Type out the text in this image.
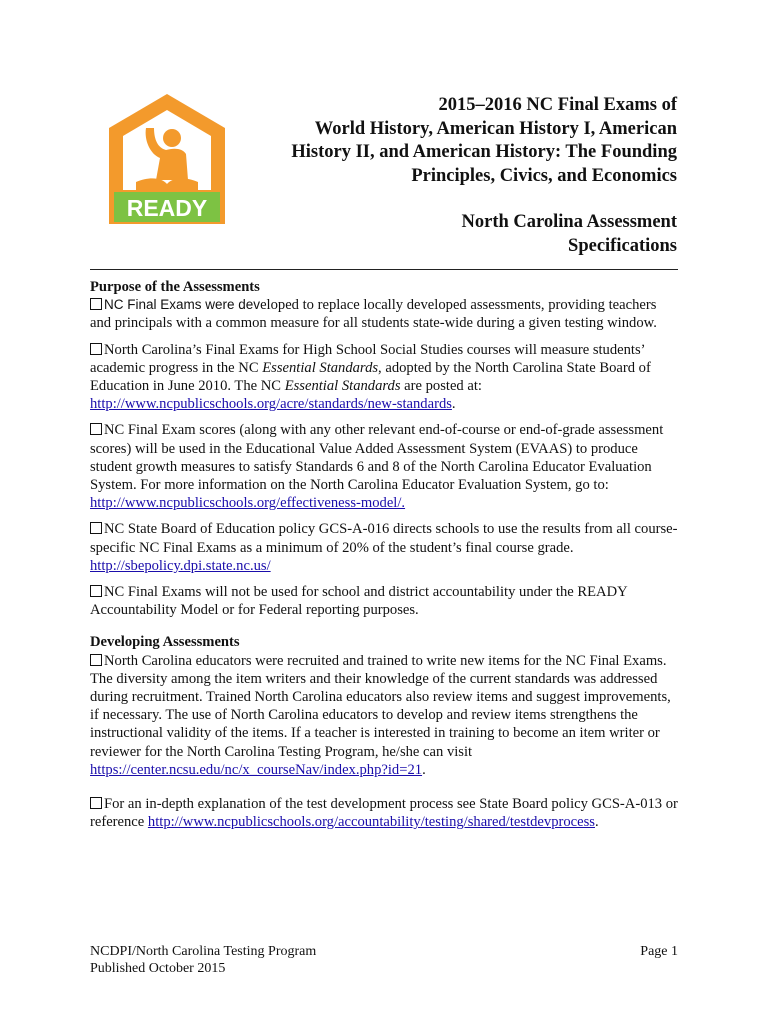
READY
2015–2016 NC Final Exams of
World History, American History I, American
History II, and American History: The Founding
Principles, Civics, and Economics
North Carolina Assessment
Specifications
Purpose of the Assessments
NC Final Exams were developed to replace locally developed assessments, providing teachers and principals with a common measure for all students state-wide during a given testing window.
North Carolina’s Final Exams for High School Social Studies courses will measure students’ academic progress in the NC Essential Standards, adopted by the North Carolina State Board of Education in June 2010. The NC Essential Standards are posted at: http://www.ncpublicschools.org/acre/standards/new-standards.
NC Final Exam scores (along with any other relevant end-of-course or end-of-grade assessment scores) will be used in the Educational Value Added Assessment System (EVAAS) to produce student growth measures to satisfy Standards 6 and 8 of the North Carolina Educator Evaluation System. For more information on the North Carolina Educator Evaluation System, go to: http://www.ncpublicschools.org/effectiveness-model/.
NC State Board of Education policy GCS-A-016 directs schools to use the results from all course-specific NC Final Exams as a minimum of 20% of the student’s final course grade. http://sbepolicy.dpi.state.nc.us/
NC Final Exams will not be used for school and district accountability under the READY Accountability Model or for Federal reporting purposes.
Developing Assessments
North Carolina educators were recruited and trained to write new items for the NC Final Exams. The diversity among the item writers and their knowledge of the current standards was addressed during recruitment. Trained North Carolina educators also review items and suggest improvements, if necessary. The use of North Carolina educators to develop and review items strengthens the instructional validity of the items. If a teacher is interested in training to become an item writer or reviewer for the North Carolina Testing Program, he/she can visit https://center.ncsu.edu/nc/x_courseNav/index.php?id=21.
For an in-depth explanation of the test development process see State Board policy GCS-A-013 or reference http://www.ncpublicschools.org/accountability/testing/shared/testdevprocess.
NCDPI/North Carolina Testing Program
Published October 2015
Page 1
